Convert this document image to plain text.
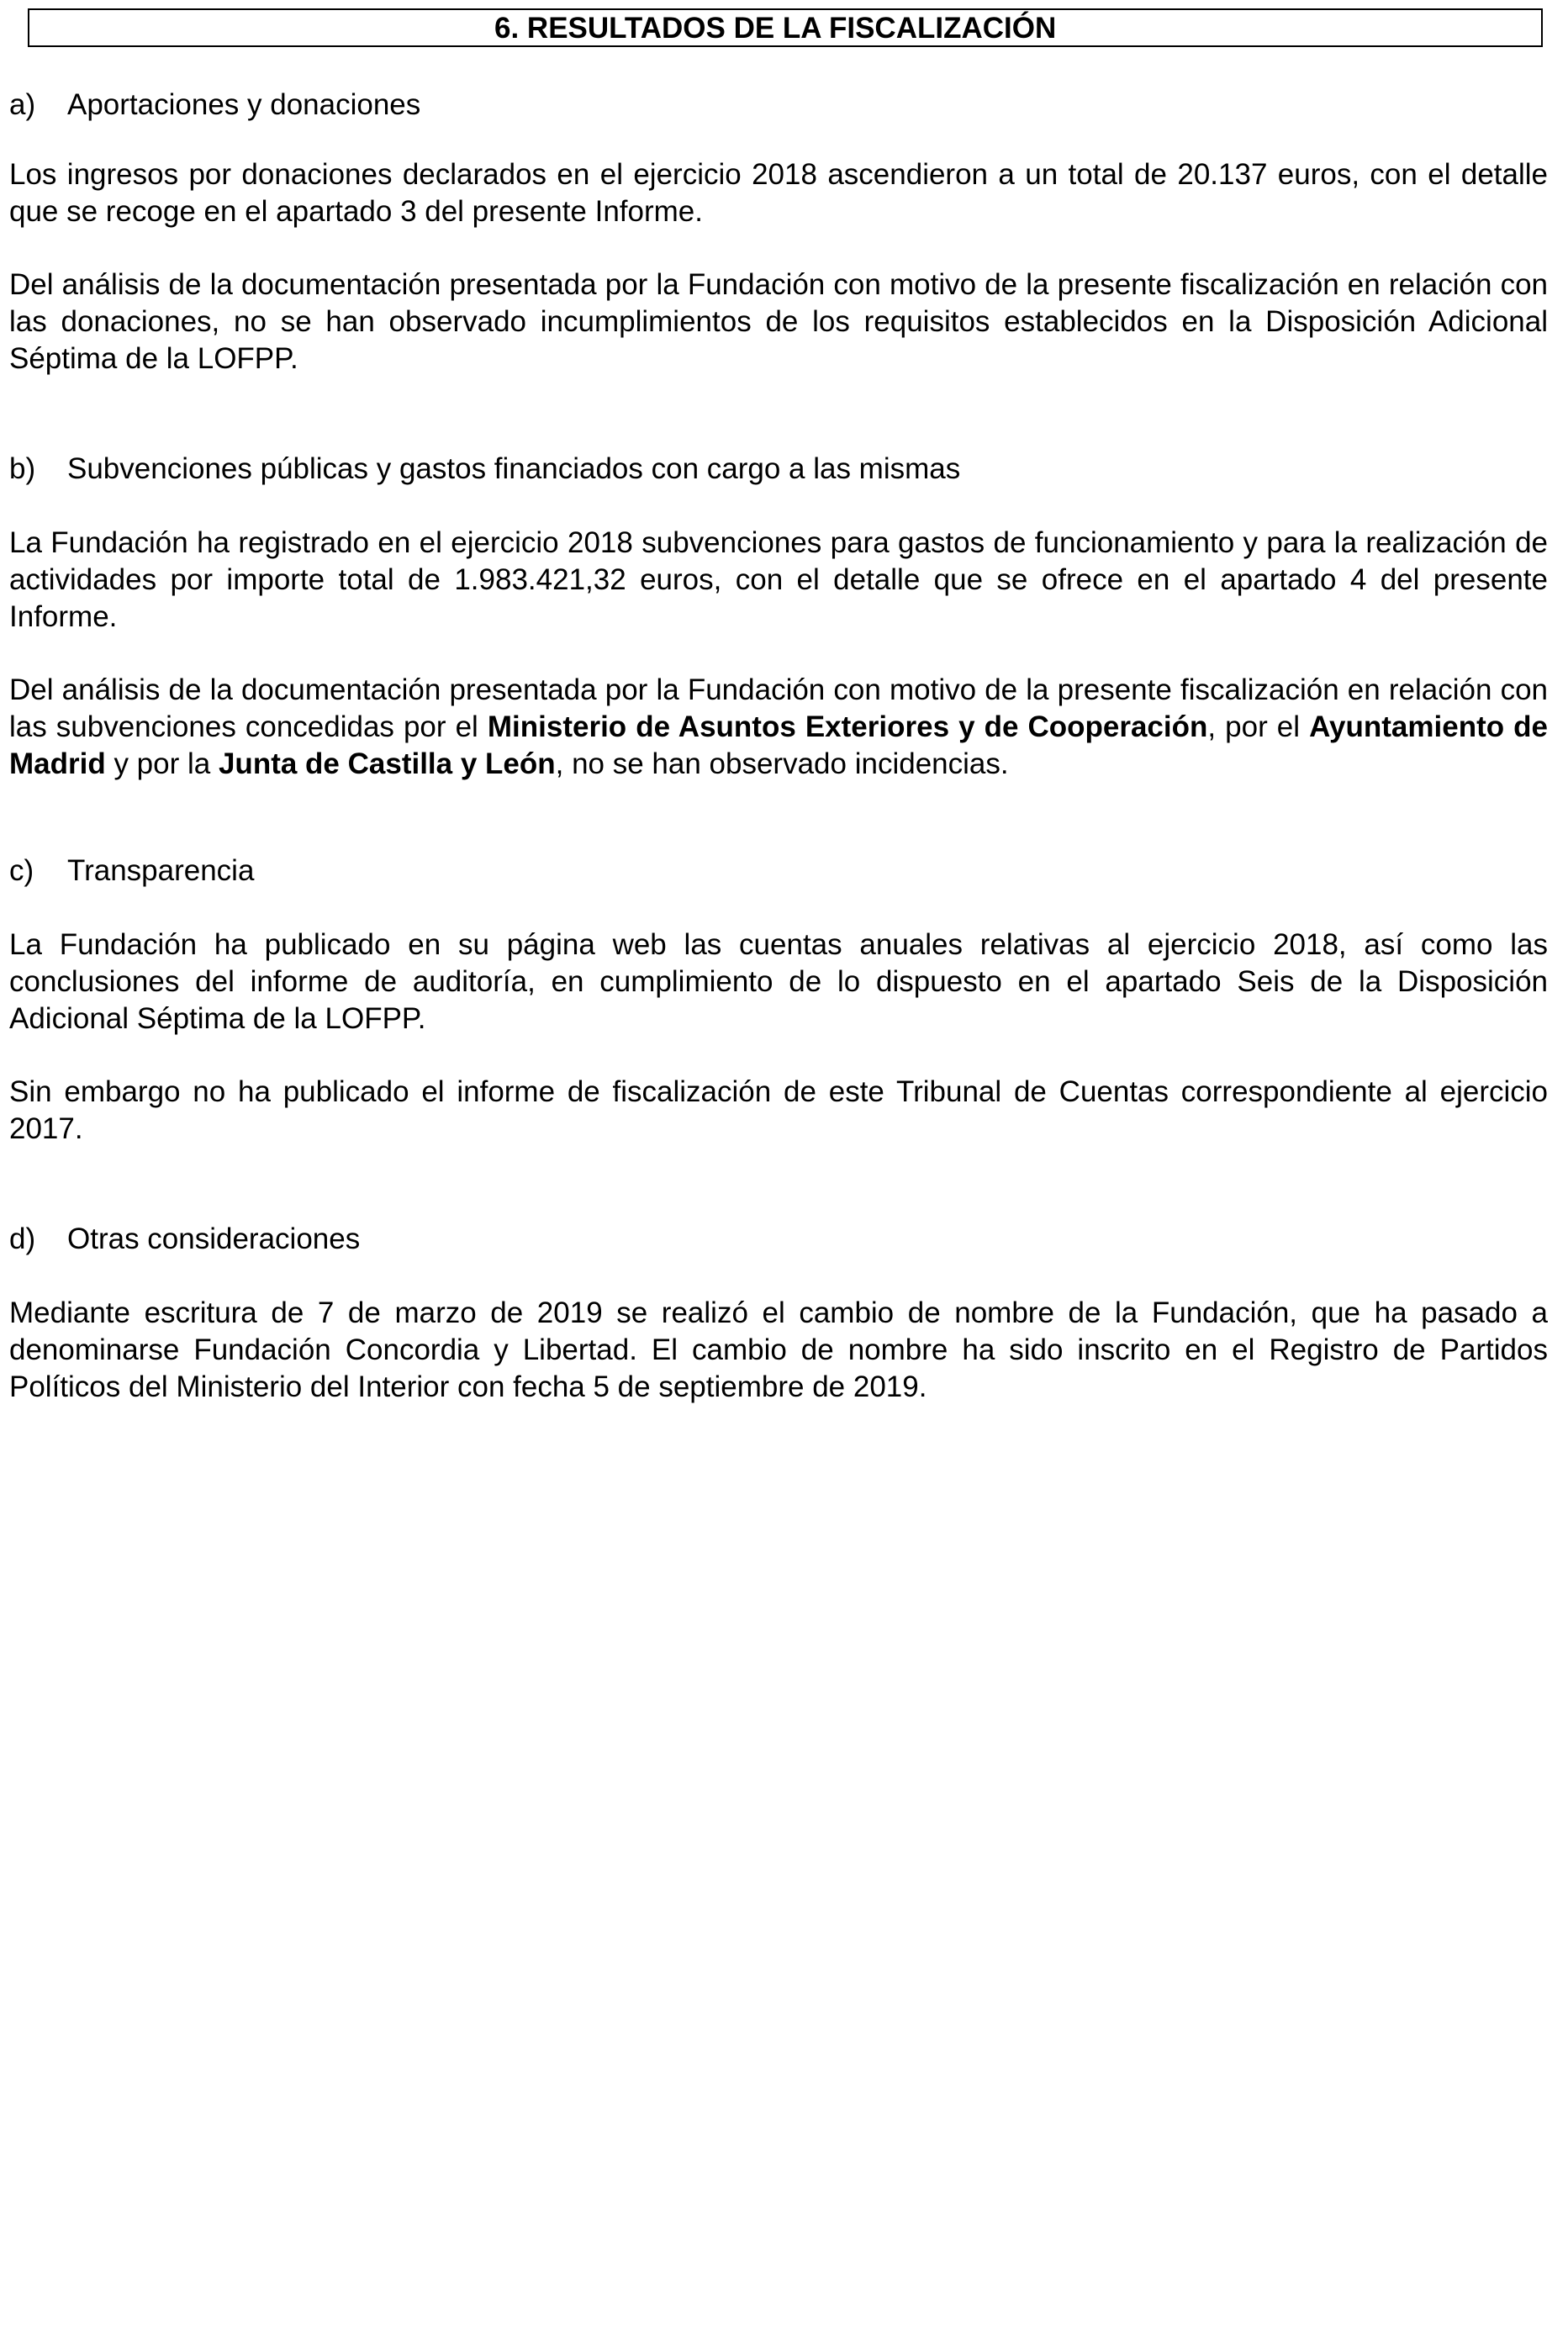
6. RESULTADOS DE LA FISCALIZACIÓN
a) Aportaciones y donaciones

Los ingresos por donaciones declarados en el ejercicio 2018 ascendieron a un total de 20.137 euros, con el detalle que se recoge en el apartado 3 del presente Informe.

Del análisis de la documentación presentada por la Fundación con motivo de la presente fiscalización en relación con las donaciones, no se han observado incumplimientos de los requisitos establecidos en la Disposición Adicional Séptima de la LOFPP.

b) Subvenciones públicas y gastos financiados con cargo a las mismas

La Fundación ha registrado en el ejercicio 2018 subvenciones para gastos de funcionamiento y para la realización de actividades por importe total de 1.983.421,32 euros, con el detalle que se ofrece en el apartado 4 del presente Informe.

Del análisis de la documentación presentada por la Fundación con motivo de la presente fiscalización en relación con las subvenciones concedidas por el Ministerio de Asuntos Exteriores y de Cooperación, por el Ayuntamiento de Madrid y por la Junta de Castilla y León, no se han observado incidencias.

c) Transparencia

La Fundación ha publicado en su página web las cuentas anuales relativas al ejercicio 2018, así como las conclusiones del informe de auditoría, en cumplimiento de lo dispuesto en el apartado Seis de la Disposición Adicional Séptima de la LOFPP.

Sin embargo no ha publicado el informe de fiscalización de este Tribunal de Cuentas correspondiente al ejercicio 2017.

d) Otras consideraciones

Mediante escritura de 7 de marzo de 2019 se realizó el cambio de nombre de la Fundación, que ha pasado a denominarse Fundación Concordia y Libertad. El cambio de nombre ha sido inscrito en el Registro de Partidos Políticos del Ministerio del Interior con fecha 5 de septiembre de 2019.
